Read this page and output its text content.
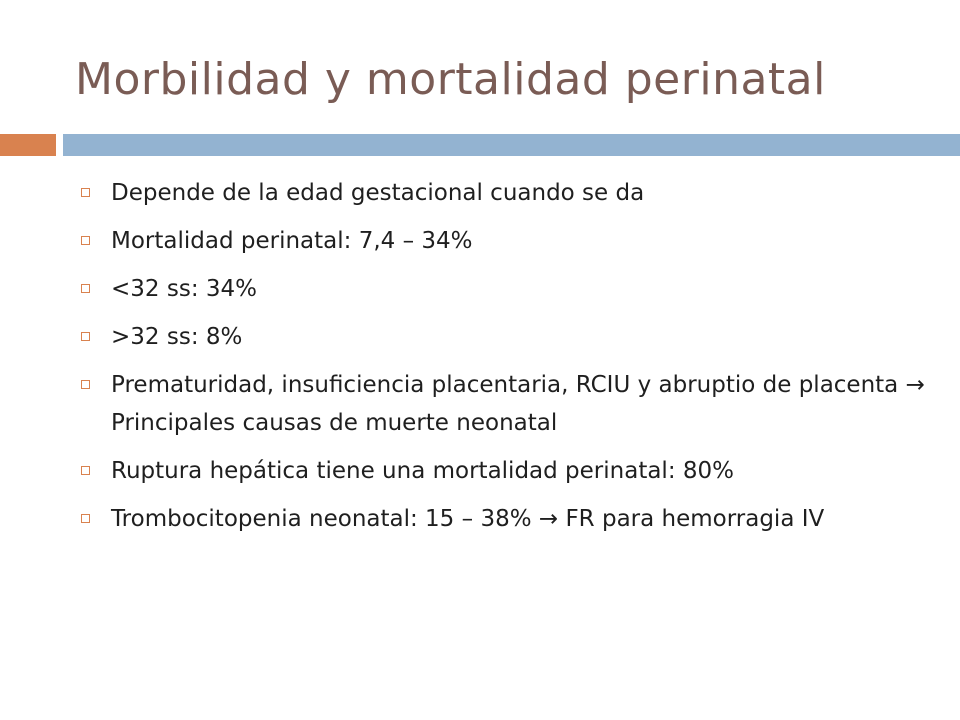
Morbilidad y mortalidad perinatal
Depende de la edad gestacional cuando se da
Mortalidad perinatal: 7,4 – 34%
<32 ss: 34%
>32 ss: 8%
Prematuridad, insuficiencia placentaria, RCIU y abruptio de placenta → Principales causas de muerte neonatal
Ruptura hepática tiene una mortalidad perinatal: 80%
Trombocitopenia neonatal: 15 – 38% → FR para hemorragia IV
